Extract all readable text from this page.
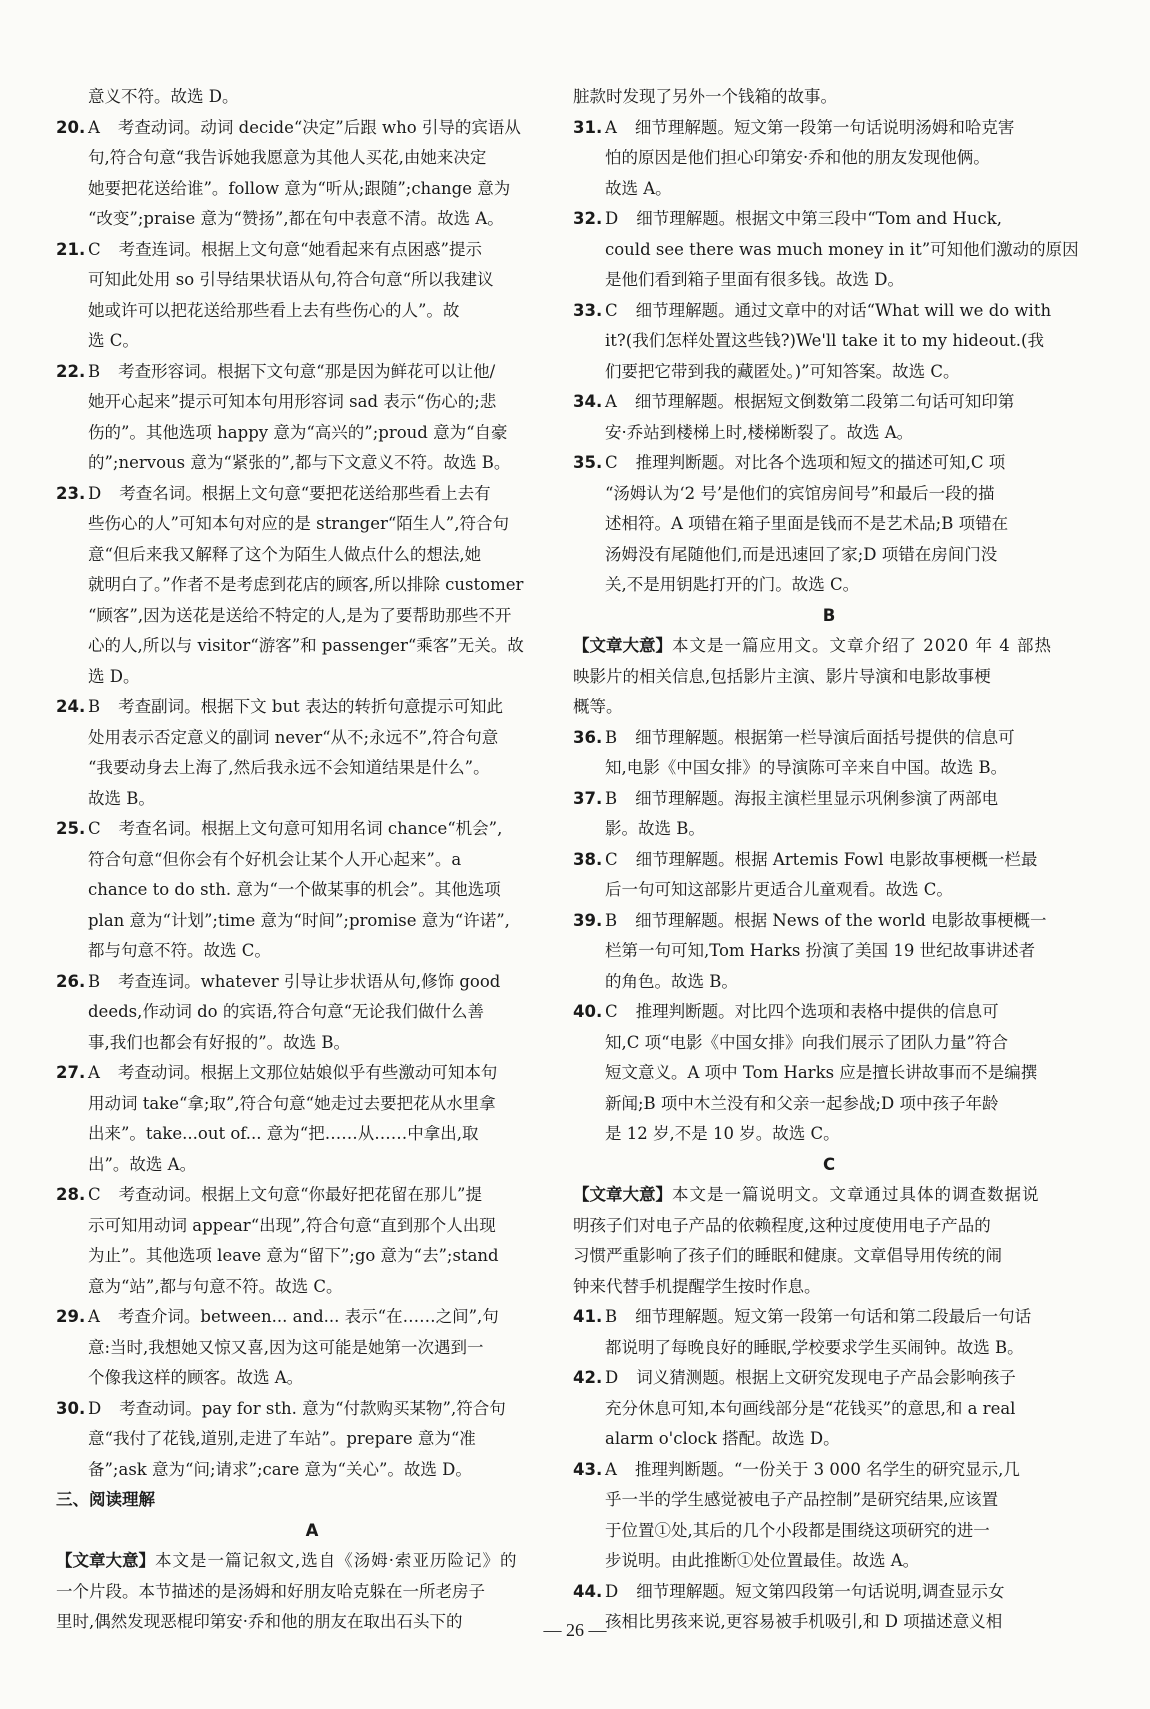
意义不符。故选 D。
20. A 考查动词。动词 decide“决定”后跟 who 引导的宾语从
句,符合句意“我告诉她我愿意为其他人买花,由她来决定
她要把花送给谁”。follow 意为“听从;跟随”;change 意为
“改变”;praise 意为“赞扬”,都在句中表意不清。故选 A。
21. C 考查连词。根据上文句意“她看起来有点困惑”提示
可知此处用 so 引导结果状语从句,符合句意“所以我建议
她或许可以把花送给那些看上去有些伤心的人”。故
选 C。
22. B 考查形容词。根据下文句意“那是因为鲜花可以让他/
她开心起来”提示可知本句用形容词 sad 表示“伤心的;悲
伤的”。其他选项 happy 意为“高兴的”;proud 意为“自豪
的”;nervous 意为“紧张的”,都与下文意义不符。故选 B。
23. D 考查名词。根据上文句意“要把花送给那些看上去有
些伤心的人”可知本句对应的是 stranger“陌生人”,符合句
意“但后来我又解释了这个为陌生人做点什么的想法,她
就明白了。”作者不是考虑到花店的顾客,所以排除 customer
“顾客”,因为送花是送给不特定的人,是为了要帮助那些不开
心的人,所以与 visitor“游客”和 passenger“乘客”无关。故
选 D。
24. B 考查副词。根据下文 but 表达的转折句意提示可知此
处用表示否定意义的副词 never“从不;永远不”,符合句意
“我要动身去上海了,然后我永远不会知道结果是什么”。
故选 B。
25. C 考查名词。根据上文句意可知用名词 chance“机会”,
符合句意“但你会有个好机会让某个人开心起来”。a
chance to do sth. 意为“一个做某事的机会”。其他选项
plan 意为“计划”;time 意为“时间”;promise 意为“许诺”,
都与句意不符。故选 C。
26. B 考查连词。whatever 引导让步状语从句,修饰 good
deeds,作动词 do 的宾语,符合句意“无论我们做什么善
事,我们也都会有好报的”。故选 B。
27. A 考查动词。根据上文那位姑娘似乎有些激动可知本句
用动词 take“拿;取”,符合句意“她走过去要把花从水里拿
出来”。take...out of... 意为“把……从……中拿出,取
出”。故选 A。
28. C 考查动词。根据上文句意“你最好把花留在那儿”提
示可知用动词 appear“出现”,符合句意“直到那个人出现
为止”。其他选项 leave 意为“留下”;go 意为“去”;stand
意为“站”,都与句意不符。故选 C。
29. A 考查介词。between... and... 表示“在……之间”,句
意:当时,我想她又惊又喜,因为这可能是她第一次遇到一
个像我这样的顾客。故选 A。
30. D 考查动词。pay for sth. 意为“付款购买某物”,符合句
意“我付了花钱,道别,走进了车站”。prepare 意为“准
备”;ask 意为“问;请求”;care 意为“关心”。故选 D。
三、阅读理解
A
【文章大意】本文是一篇记叙文,选自《汤姆·索亚历险记》的
一个片段。本节描述的是汤姆和好朋友哈克躲在一所老房子
里时,偶然发现恶棍印第安·乔和他的朋友在取出石头下的
脏款时发现了另外一个钱箱的故事。
31. A 细节理解题。短文第一段第一句话说明汤姆和哈克害
怕的原因是他们担心印第安·乔和他的朋友发现他俩。
故选 A。
32. D 细节理解题。根据文中第三段中“Tom and Huck,
could see there was much money in it”可知他们激动的原因
是他们看到箱子里面有很多钱。故选 D。
33. C 细节理解题。通过文章中的对话“What will we do with
it?(我们怎样处置这些钱?)We'll take it to my hideout.(我
们要把它带到我的藏匿处。)”可知答案。故选 C。
34. A 细节理解题。根据短文倒数第二段第二句话可知印第
安·乔站到楼梯上时,楼梯断裂了。故选 A。
35. C 推理判断题。对比各个选项和短文的描述可知,C 项
“汤姆认为‘2 号’是他们的宾馆房间号”和最后一段的描
述相符。A 项错在箱子里面是钱而不是艺术品;B 项错在
汤姆没有尾随他们,而是迅速回了家;D 项错在房间门没
关,不是用钥匙打开的门。故选 C。
B
【文章大意】本文是一篇应用文。文章介绍了 2020 年 4 部热
映影片的相关信息,包括影片主演、影片导演和电影故事梗
概等。
36. B 细节理解题。根据第一栏导演后面括号提供的信息可
知,电影《中国女排》的导演陈可辛来自中国。故选 B。
37. B 细节理解题。海报主演栏里显示巩俐参演了两部电
影。故选 B。
38. C 细节理解题。根据 Artemis Fowl 电影故事梗概一栏最
后一句可知这部影片更适合儿童观看。故选 C。
39. B 细节理解题。根据 News of the world 电影故事梗概一
栏第一句可知,Tom Harks 扮演了美国 19 世纪故事讲述者
的角色。故选 B。
40. C 推理判断题。对比四个选项和表格中提供的信息可
知,C 项“电影《中国女排》向我们展示了团队力量”符合
短文意义。A 项中 Tom Harks 应是擅长讲故事而不是编撰
新闻;B 项中木兰没有和父亲一起参战;D 项中孩子年龄
是 12 岁,不是 10 岁。故选 C。
C
【文章大意】本文是一篇说明文。文章通过具体的调查数据说
明孩子们对电子产品的依赖程度,这种过度使用电子产品的
习惯严重影响了孩子们的睡眠和健康。文章倡导用传统的闹
钟来代替手机提醒学生按时作息。
41. B 细节理解题。短文第一段第一句话和第二段最后一句话
都说明了每晚良好的睡眠,学校要求学生买闹钟。故选 B。
42. D 词义猜测题。根据上文研究发现电子产品会影响孩子
充分休息可知,本句画线部分是“花钱买”的意思,和 a real
alarm o'clock 搭配。故选 D。
43. A 推理判断题。“一份关于 3 000 名学生的研究显示,几
乎一半的学生感觉被电子产品控制”是研究结果,应该置
于位置①处,其后的几个小段都是围绕这项研究的进一
步说明。由此推断①处位置最佳。故选 A。
44. D 细节理解题。短文第四段第一句话说明,调查显示女
孩相比男孩来说,更容易被手机吸引,和 D 项描述意义相
— 26 —
